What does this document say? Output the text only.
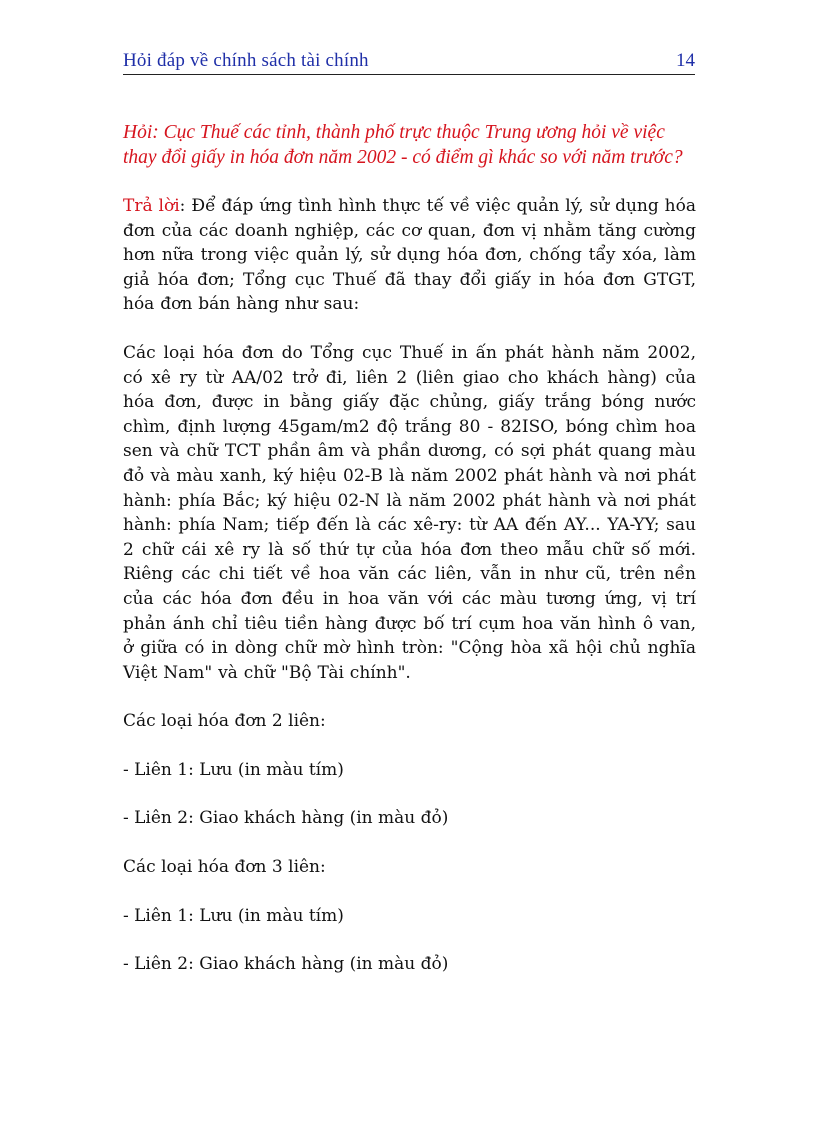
Hỏi đáp về chính sách tài chính	14

Hỏi: Cục Thuế các tỉnh, thành phố trực thuộc Trung ương hỏi về việc thay đổi giấy in hóa đơn năm 2002 - có điểm gì khác so với năm trước?

Trả lời: Để đáp ứng tình hình thực tế về việc quản lý, sử dụng hóa đơn của các doanh nghiệp, các cơ quan, đơn vị nhằm tăng cường hơn nữa trong việc quản lý, sử dụng hóa đơn, chống tẩy xóa, làm giả hóa đơn; Tổng cục Thuế đã thay đổi giấy in hóa đơn GTGT, hóa đơn bán hàng như sau:

Các loại hóa đơn do Tổng cục Thuế in ấn phát hành năm 2002, có xê ry từ AA/02 trở đi, liên 2 (liên giao cho khách hàng) của hóa đơn, được in bằng giấy đặc chủng, giấy trắng bóng nước chìm, định lượng 45gam/m2 độ trắng 80 - 82ISO, bóng chìm hoa sen và chữ TCT phần âm và phần dương, có sợi phát quang màu đỏ và màu xanh, ký hiệu 02-B là năm 2002 phát hành và nơi phát hành: phía Bắc; ký hiệu 02-N là năm 2002 phát hành và nơi phát hành: phía Nam; tiếp đến là các xê-ry: từ AA đến AY... YA-YY; sau 2 chữ cái xê ry là số thứ tự của hóa đơn theo mẫu chữ số mới. Riêng các chi tiết về hoa văn các liên, vẫn in như cũ, trên nền của các hóa đơn đều in hoa văn với các màu tương ứng, vị trí phản ánh chỉ tiêu tiền hàng được bố trí cụm hoa văn hình ô van, ở giữa có in dòng chữ mờ hình tròn: "Cộng hòa xã hội chủ nghĩa Việt Nam" và chữ "Bộ Tài chính".

Các loại hóa đơn 2 liên:

- Liên 1: Lưu (in màu tím)

- Liên 2: Giao khách hàng (in màu đỏ)

Các loại hóa đơn 3 liên:

- Liên 1: Lưu (in màu tím)

- Liên 2: Giao khách hàng (in màu đỏ)
